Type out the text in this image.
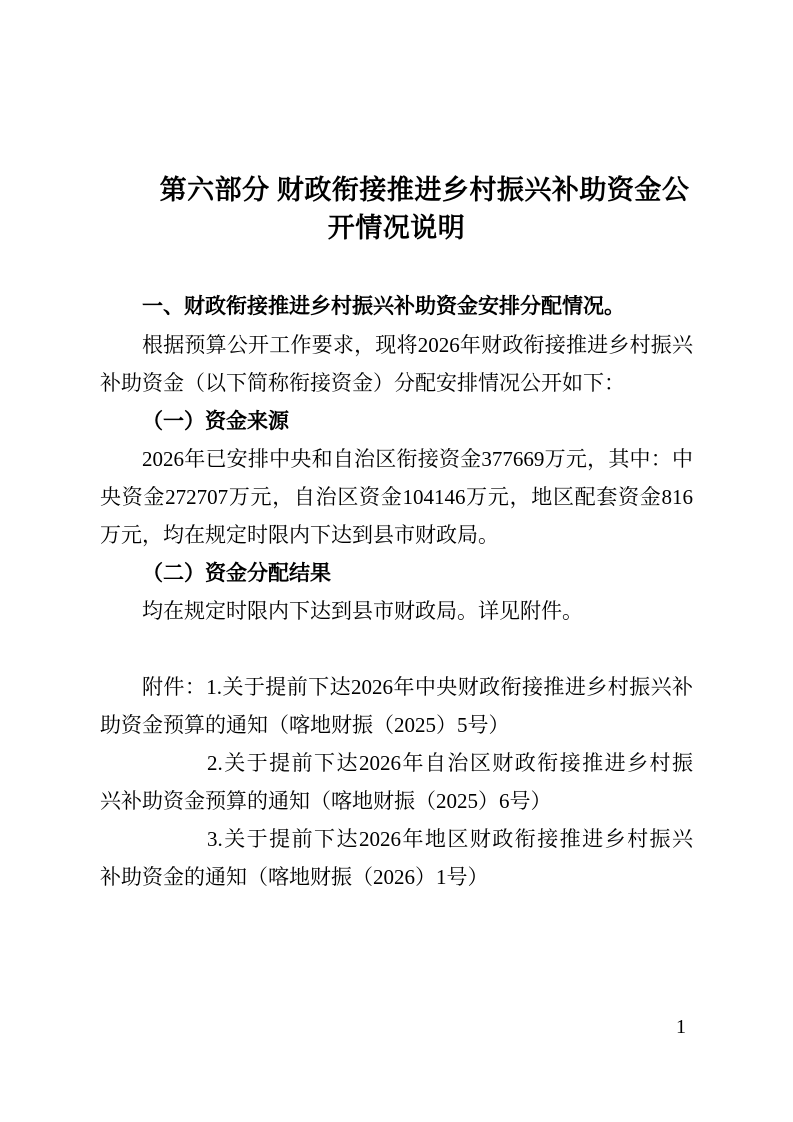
第六部分 财政衔接推进乡村振兴补助资金公
开情况说明
一、财政衔接推进乡村振兴补助资金安排分配情况。
根据预算公开工作要求，现将2026年财政衔接推进乡村振兴
补助资金（以下简称衔接资金）分配安排情况公开如下：
（一）资金来源
2026年已安排中央和自治区衔接资金377669万元，其中：中
央资金272707万元，自治区资金104146万元，地区配套资金816
万元，均在规定时限内下达到县市财政局。
（二）资金分配结果
均在规定时限内下达到县市财政局。详见附件。
附件：1.关于提前下达2026年中央财政衔接推进乡村振兴补
助资金预算的通知（喀地财振（2025）5号）
2.关于提前下达2026年自治区财政衔接推进乡村振
兴补助资金预算的通知（喀地财振（2025）6号）
3.关于提前下达2026年地区财政衔接推进乡村振兴
补助资金的通知（喀地财振（2026）1号）
1
